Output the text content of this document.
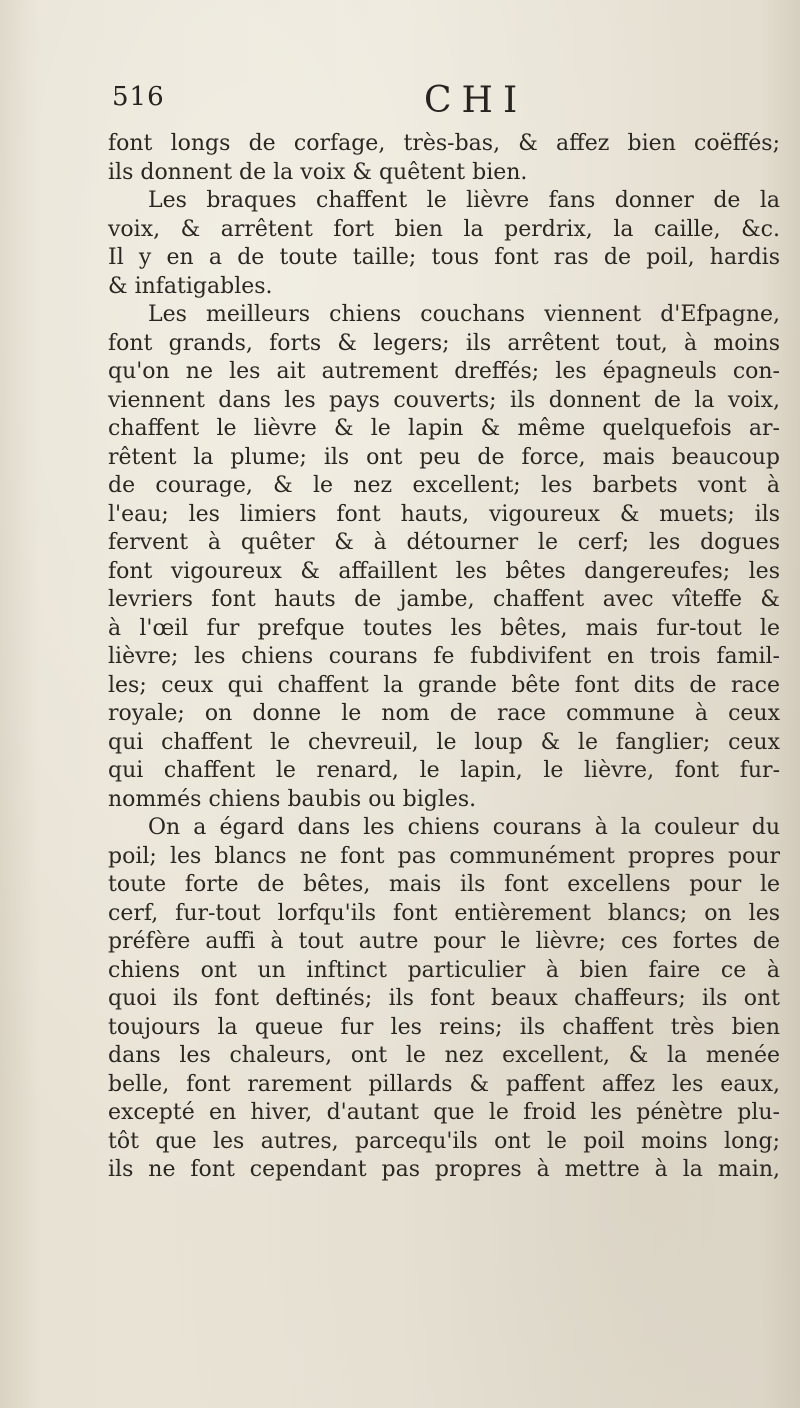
516	CHI
font longs de corfage, très-bas, & affez bien coëffés;
ils donnent de la voix & quêtent bien.
Les braques chaffent le lièvre fans donner de la
voix, & arrêtent fort bien la perdrix, la caille, &c.
Il y en a de toute taille; tous font ras de poil, hardis
& infatigables.
Les meilleurs chiens couchans viennent d'Efpagne,
font grands, forts & legers; ils arrêtent tout, à moins
qu'on ne les ait autrement dreffés; les épagneuls con-
viennent dans les pays couverts; ils donnent de la voix,
chaffent le lièvre & le lapin & même quelquefois ar-
rêtent la plume; ils ont peu de force, mais beaucoup
de courage, & le nez excellent; les barbets vont à
l'eau; les limiers font hauts, vigoureux & muets; ils
fervent à quêter & à détourner le cerf; les dogues
font vigoureux & affaillent les bêtes dangereufes; les
levriers font hauts de jambe, chaffent avec vîteffe &
à l'œil fur prefque toutes les bêtes, mais fur-tout le
lièvre; les chiens courans fe fubdivifent en trois famil-
les; ceux qui chaffent la grande bête font dits de race
royale; on donne le nom de race commune à ceux
qui chaffent le chevreuil, le loup & le fanglier; ceux
qui chaffent le renard, le lapin, le lièvre, font fur-
nommés chiens baubis ou bigles.
On a égard dans les chiens courans à la couleur du
poil; les blancs ne font pas communément propres pour
toute forte de bêtes, mais ils font excellens pour le
cerf, fur-tout lorfqu'ils font entièrement blancs; on les
préfère auffi à tout autre pour le lièvre; ces fortes de
chiens ont un inftinct particulier à bien faire ce à
quoi ils font deftinés; ils font beaux chaffeurs; ils ont
toujours la queue fur les reins; ils chaffent très bien
dans les chaleurs, ont le nez excellent, & la menée
belle, font rarement pillards & paffent affez les eaux,
excepté en hiver, d'autant que le froid les pénètre plu-
tôt que les autres, parcequ'ils ont le poil moins long;
ils ne font cependant pas propres à mettre à la main,
